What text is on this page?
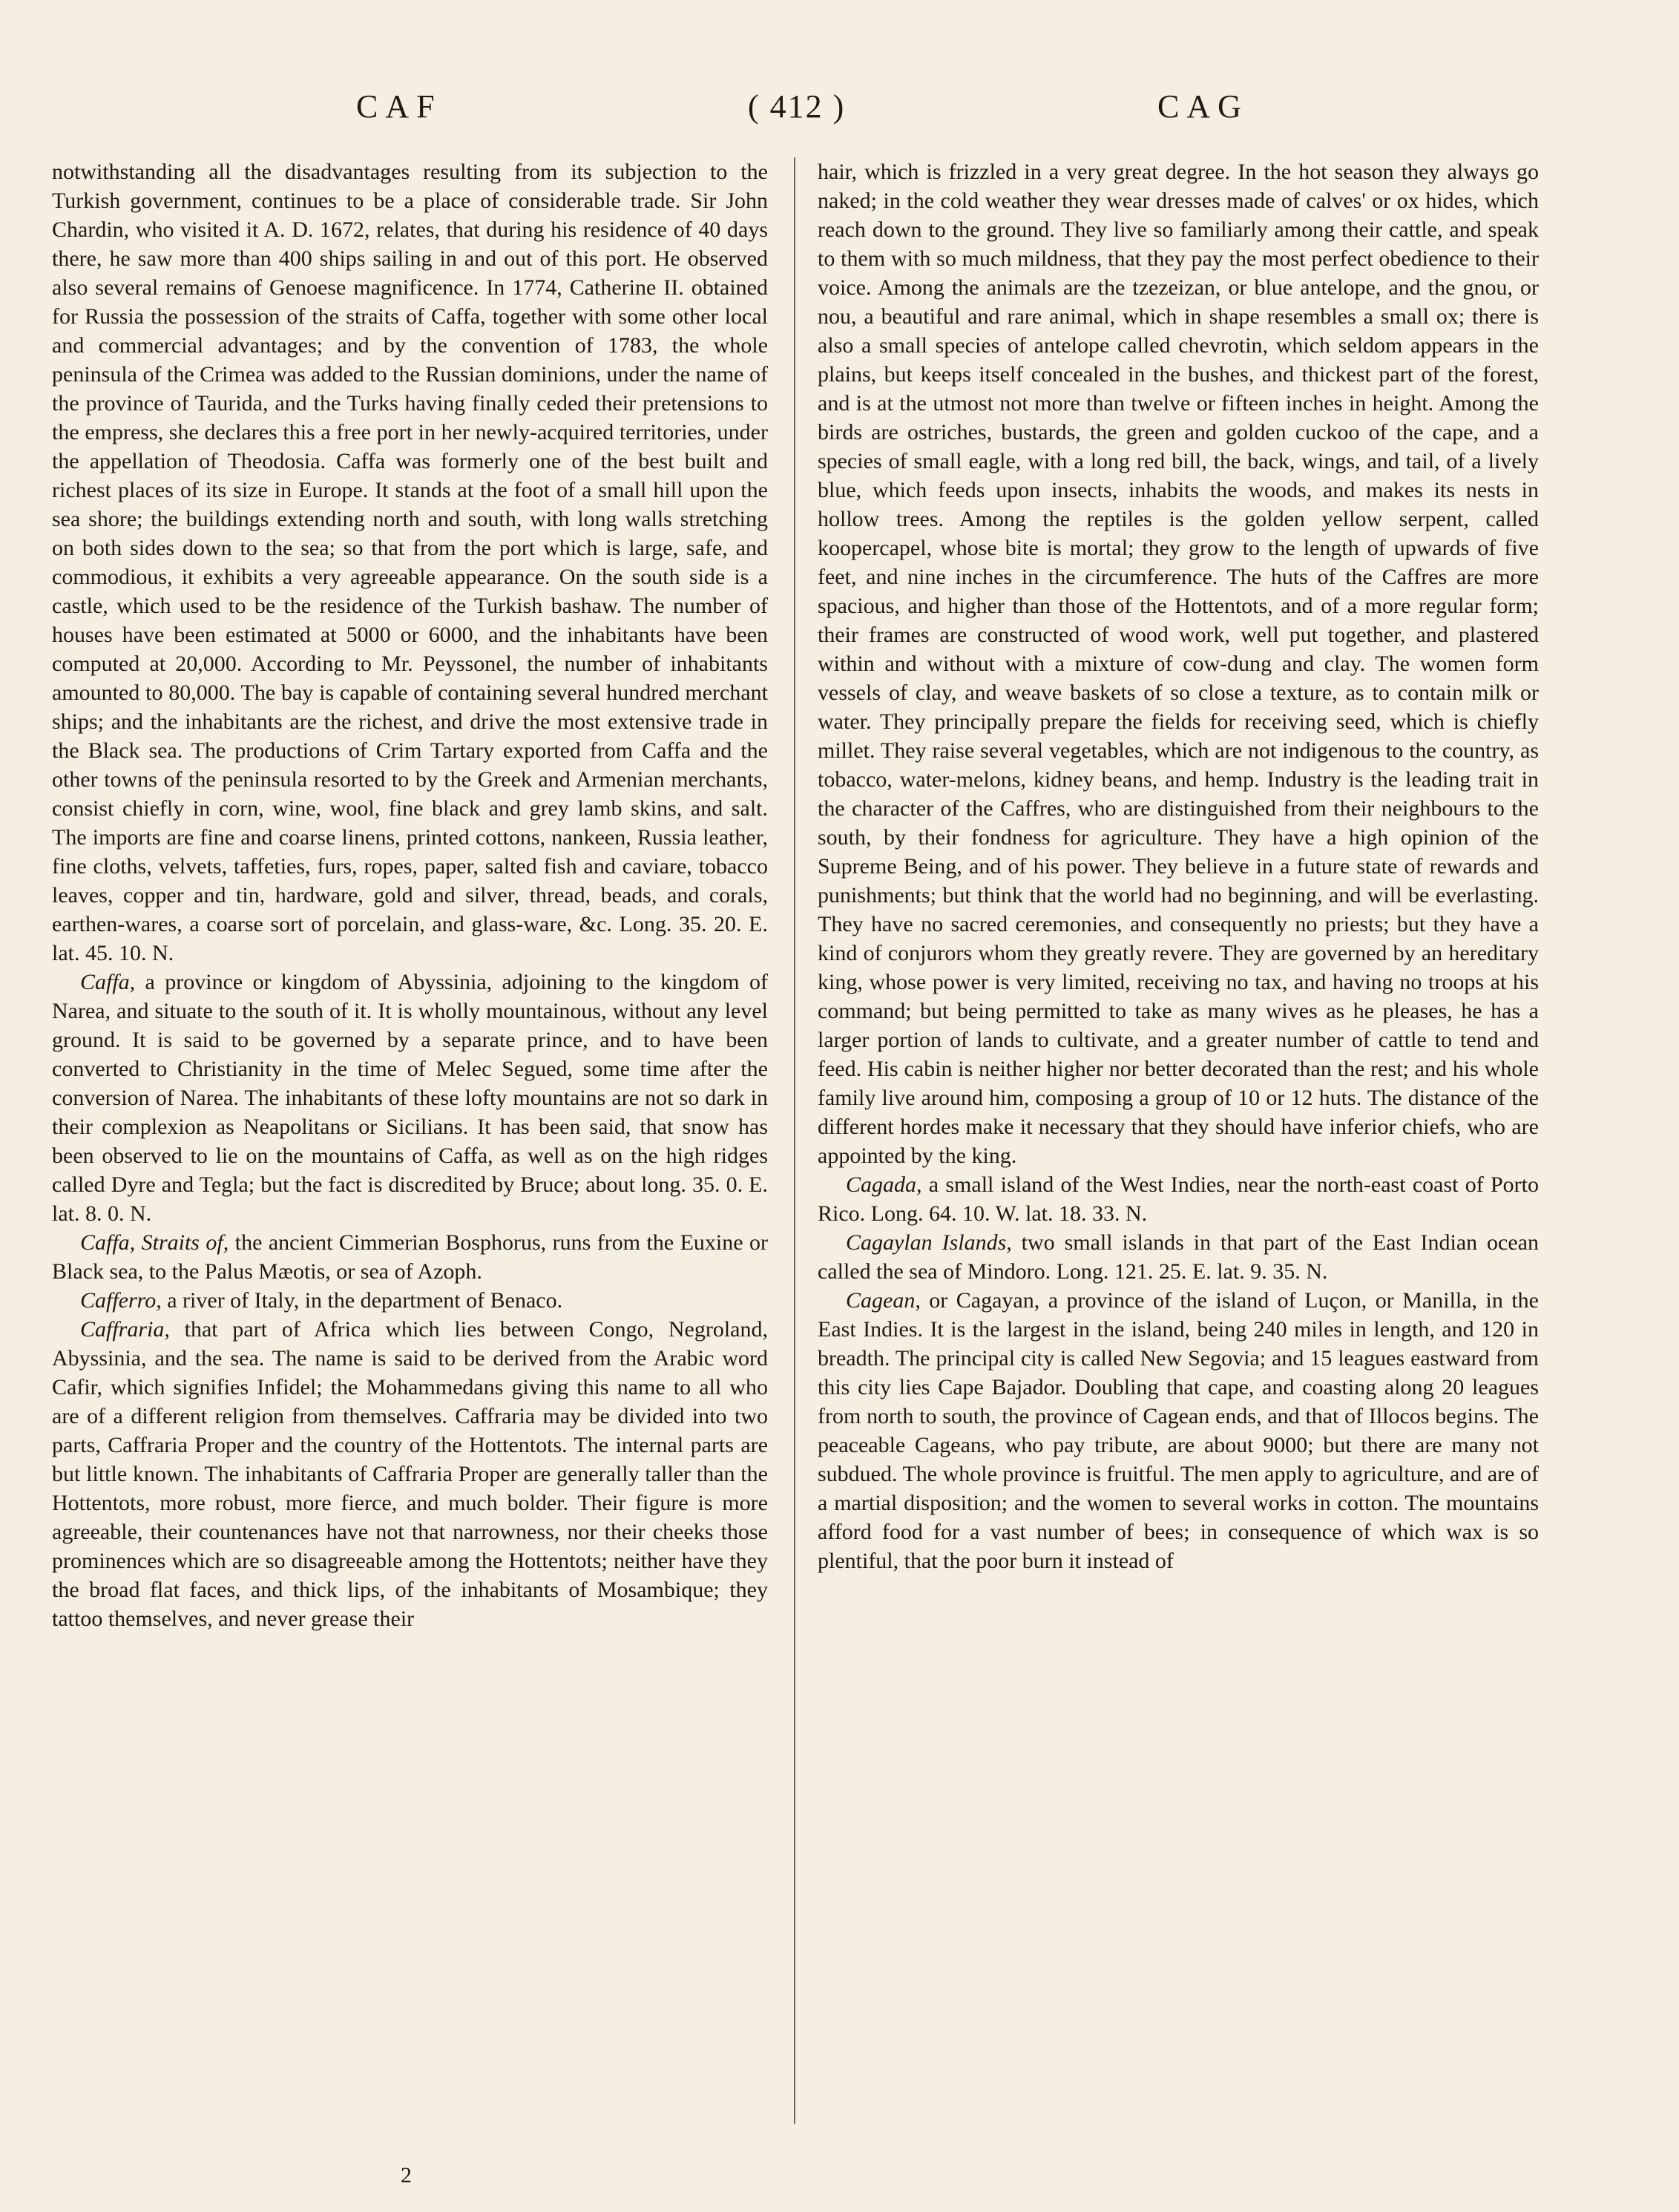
CAF	( 412 )	CAG

notwithstanding all the disadvantages resulting from its subjection to the Turkish government, continues to be a place of considerable trade. Sir John Chardin, who visited it A. D. 1672, relates, that during his residence of 40 days there, he saw more than 400 ships sailing in and out of this port. He observed also several remains of Genoese magnificence. In 1774, Catherine II. obtained for Russia the possession of the straits of Caffa, together with some other local and commercial advantages; and by the convention of 1783, the whole peninsula of the Crimea was added to the Russian dominions, under the name of the province of Taurida, and the Turks having finally ceded their pretensions to the empress, she declares this a free port in her newly-acquired territories, under the appellation of Theodosia. Caffa was formerly one of the best built and richest places of its size in Europe. It stands at the foot of a small hill upon the sea shore; the buildings extending north and south, with long walls stretching on both sides down to the sea; so that from the port which is large, safe, and commodious, it exhibits a very agreeable appearance. On the south side is a castle, which used to be the residence of the Turkish bashaw. The number of houses have been estimated at 5000 or 6000, and the inhabitants have been computed at 20,000. According to Mr. Peyssonel, the number of inhabitants amounted to 80,000. The bay is capable of containing several hundred merchant ships; and the inhabitants are the richest, and drive the most extensive trade in the Black sea. The productions of Crim Tartary exported from Caffa and the other towns of the peninsula resorted to by the Greek and Armenian merchants, consist chiefly in corn, wine, wool, fine black and grey lamb skins, and salt. The imports are fine and coarse linens, printed cottons, nankeen, Russia leather, fine cloths, velvets, taffeties, furs, ropes, paper, salted fish and caviare, tobacco leaves, copper and tin, hardware, gold and silver, thread, beads, and corals, earthen-wares, a coarse sort of porcelain, and glass-ware, &c. Long. 35. 20. E. lat. 45. 10. N.

Caffa, a province or kingdom of Abyssinia, adjoining to the kingdom of Narea, and situate to the south of it. It is wholly mountainous, without any level ground. It is said to be governed by a separate prince, and to have been converted to Christianity in the time of Melec Segued, some time after the conversion of Narea. The inhabitants of these lofty mountains are not so dark in their complexion as Neapolitans or Sicilians. It has been said, that snow has been observed to lie on the mountains of Caffa, as well as on the high ridges called Dyre and Tegla; but the fact is discredited by Bruce; about long. 35. 0. E. lat. 8. 0. N.

Caffa, Straits of, the ancient Cimmerian Bosphorus, runs from the Euxine or Black sea, to the Palus Mæotis, or sea of Azoph.

Cafferro, a river of Italy, in the department of Benaco.

Caffraria, that part of Africa which lies between Congo, Negroland, Abyssinia, and the sea. The name is said to be derived from the Arabic word Cafir, which signifies Infidel; the Mohammedans giving this name to all who are of a different religion from themselves. Caffraria may be divided into two parts, Caffraria Proper and the country of the Hottentots. The internal parts are but little known. The inhabitants of Caffraria Proper are generally taller than the Hottentots, more robust, more fierce, and much bolder. Their figure is more agreeable, their countenances have not that narrowness, nor their cheeks those prominences which are so disagreeable among the Hottentots; neither have they the broad flat faces, and thick lips, of the inhabitants of Mosambique; they tattoo themselves, and never grease their

hair, which is frizzled in a very great degree. In the hot season they always go naked; in the cold weather they wear dresses made of calves' or ox hides, which reach down to the ground. They live so familiarly among their cattle, and speak to them with so much mildness, that they pay the most perfect obedience to their voice. Among the animals are the tzezeizan, or blue antelope, and the gnou, or nou, a beautiful and rare animal, which in shape resembles a small ox; there is also a small species of antelope called chevrotin, which seldom appears in the plains, but keeps itself concealed in the bushes, and thickest part of the forest, and is at the utmost not more than twelve or fifteen inches in height. Among the birds are ostriches, bustards, the green and golden cuckoo of the cape, and a species of small eagle, with a long red bill, the back, wings, and tail, of a lively blue, which feeds upon insects, inhabits the woods, and makes its nests in hollow trees. Among the reptiles is the golden yellow serpent, called koopercapel, whose bite is mortal; they grow to the length of upwards of five feet, and nine inches in the circumference. The huts of the Caffres are more spacious, and higher than those of the Hottentots, and of a more regular form; their frames are constructed of wood work, well put together, and plastered within and without with a mixture of cow-dung and clay. The women form vessels of clay, and weave baskets of so close a texture, as to contain milk or water. They principally prepare the fields for receiving seed, which is chiefly millet. They raise several vegetables, which are not indigenous to the country, as tobacco, water-melons, kidney beans, and hemp. Industry is the leading trait in the character of the Caffres, who are distinguished from their neighbours to the south, by their fondness for agriculture. They have a high opinion of the Supreme Being, and of his power. They believe in a future state of rewards and punishments; but think that the world had no beginning, and will be everlasting. They have no sacred ceremonies, and consequently no priests; but they have a kind of conjurors whom they greatly revere. They are governed by an hereditary king, whose power is very limited, receiving no tax, and having no troops at his command; but being permitted to take as many wives as he pleases, he has a larger portion of lands to cultivate, and a greater number of cattle to tend and feed. His cabin is neither higher nor better decorated than the rest; and his whole family live around him, composing a group of 10 or 12 huts. The distance of the different hordes make it necessary that they should have inferior chiefs, who are appointed by the king.

Cagada, a small island of the West Indies, near the north-east coast of Porto Rico. Long. 64. 10. W. lat. 18. 33. N.

Cagaylan Islands, two small islands in that part of the East Indian ocean called the sea of Mindoro. Long. 121. 25. E. lat. 9. 35. N.

Cagean, or Cagayan, a province of the island of Luçon, or Manilla, in the East Indies. It is the largest in the island, being 240 miles in length, and 120 in breadth. The principal city is called New Segovia; and 15 leagues eastward from this city lies Cape Bajador. Doubling that cape, and coasting along 20 leagues from north to south, the province of Cagean ends, and that of Illocos begins. The peaceable Cageans, who pay tribute, are about 9000; but there are many not subdued. The whole province is fruitful. The men apply to agriculture, and are of a martial disposition; and the women to several works in cotton. The mountains afford food for a vast number of bees; in consequence of which wax is so plentiful, that the poor burn it instead of

2
